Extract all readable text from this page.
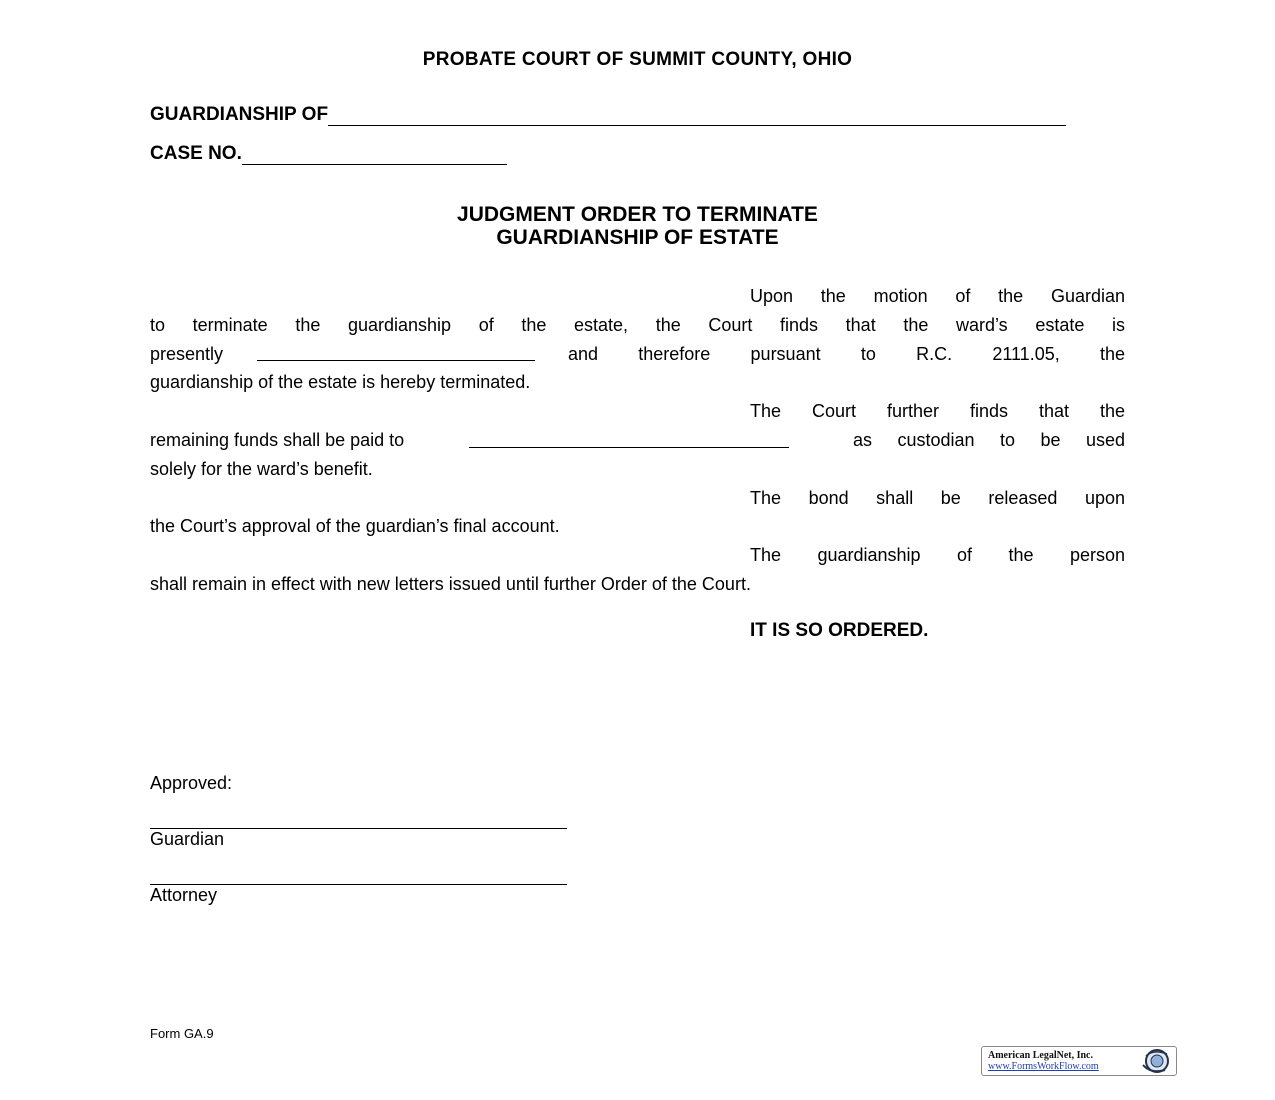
PROBATE COURT OF SUMMIT COUNTY, OHIO
GUARDIANSHIP OF
CASE NO.
JUDGMENT ORDER TO TERMINATE
GUARDIANSHIP OF ESTATE
Upon the motion of the Guardian
to terminate the guardianship of the estate, the Court finds that the ward’s estate is
presently	and therefore pursuant to R.C. 2111.05, the
guardianship of the estate is hereby terminated.
The Court further finds that the
remaining funds shall be paid to	as custodian to be used
solely for the ward’s benefit.
The bond shall be released upon
the Court’s approval of the guardian’s final account.
The guardianship of the person
shall remain in effect with new letters issued until further Order of the Court.
IT IS SO ORDERED.
Approved:
Guardian
Attorney
Form GA.9
American LegalNet, Inc.
www.FormsWorkFlow.com
